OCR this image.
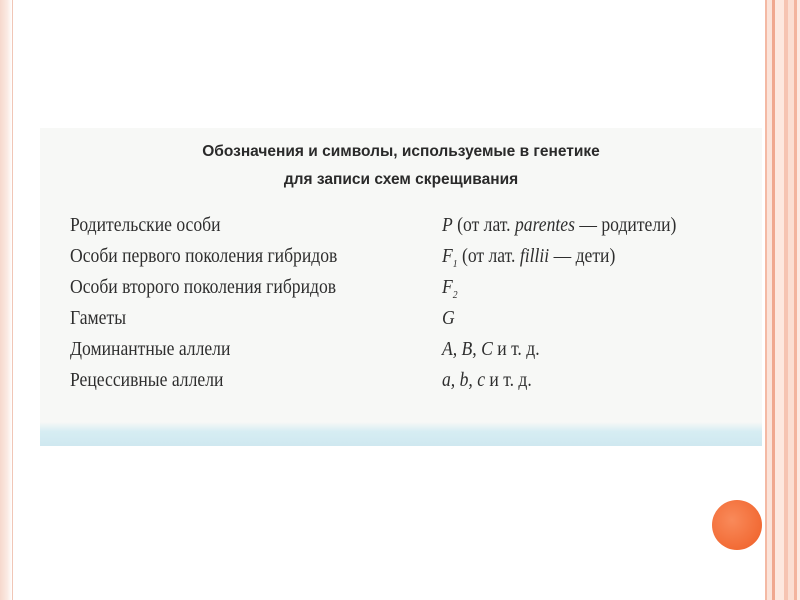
Обозначения и символы, используемые в генетике
для записи схем скрещивания
Родительские особи	P (от лат. parentes — родители)
Особи первого поколения гибридов	$F_1$ (от лат. fillii — дети)
Особи второго поколения гибридов	$F_2$
Гаметы	G
Доминантные аллели	A, B, C и т. д.
Рецессивные аллели	a, b, c и т. д.
